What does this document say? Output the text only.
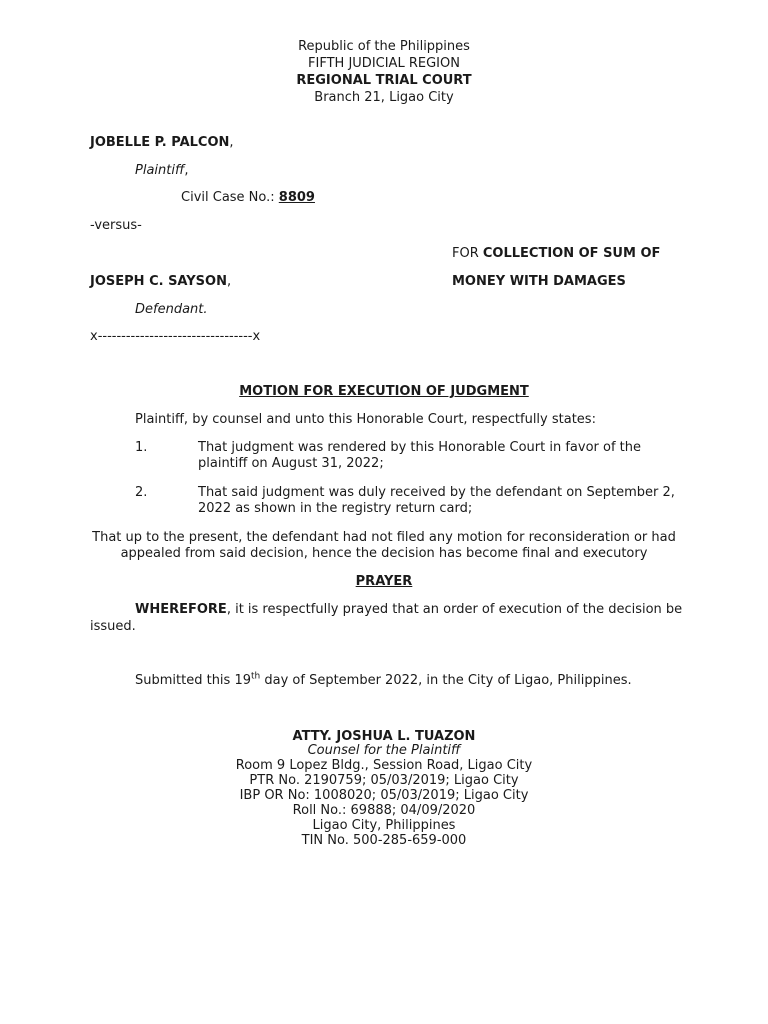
Republic of the Philippines
FIFTH JUDICIAL REGION
REGIONAL TRIAL COURT
Branch 21, Ligao City
JOBELLE P. PALCON,
Plaintiff,
Civil Case No.: 8809
-versus-
FOR COLLECTION OF SUM OF
JOSEPH C. SAYSON,	MONEY WITH DAMAGES
Defendant.
x---------------------------------x
MOTION FOR EXECUTION OF JUDGMENT
Plaintiff, by counsel and unto this Honorable Court, respectfully states:
1.	That judgment was rendered by this Honorable Court in favor of the
plaintiff on August 31, 2022;
2.	That said judgment was duly received by the defendant on September 2,
2022 as shown in the registry return card;
That up to the present, the defendant had not filed any motion for reconsideration or had
appealed from said decision, hence the decision has become final and executory
PRAYER
WHEREFORE, it is respectfully prayed that an order of execution of the decision be
issued.
Submitted this 19th day of September 2022, in the City of Ligao, Philippines.
ATTY. JOSHUA L. TUAZON
Counsel for the Plaintiff
Room 9 Lopez Bldg., Session Road, Ligao City
PTR No. 2190759; 05/03/2019; Ligao City
IBP OR No: 1008020; 05/03/2019; Ligao City
Roll No.: 69888; 04/09/2020
Ligao City, Philippines
TIN No. 500-285-659-000
